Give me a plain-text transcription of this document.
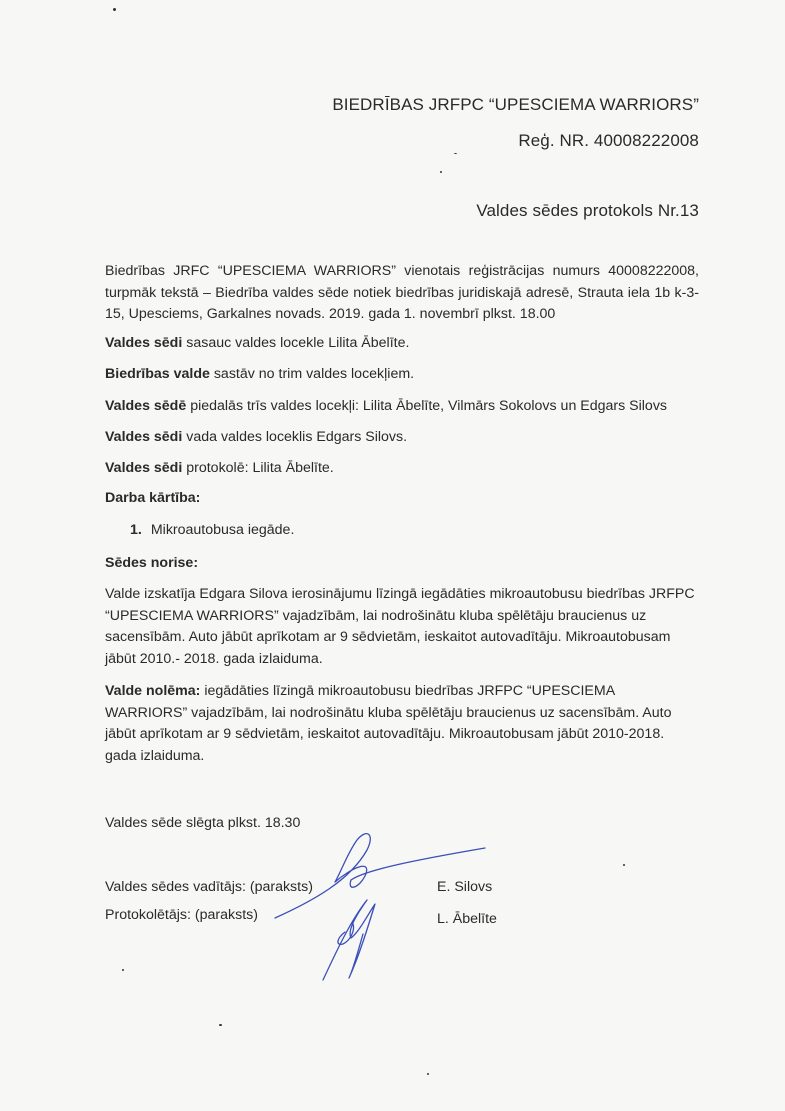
BIEDRĪBAS JRFPC “UPESCIEMA WARRIORS”
Reģ. NR. 40008222008
Valdes sēdes protokols Nr.13

Biedrības JRFC “UPESCIEMA WARRIORS” vienotais reģistrācijas numurs 40008222008, turpmāk tekstā – Biedrība valdes sēde notiek biedrības juridiskajā adresē, Strauta iela 1b k-3-15, Upesciems, Garkalnes novads. 2019. gada 1. novembrī plkst. 18.00

Valdes sēdi sasauc valdes locekle Lilita Ābelīte.
Biedrības valde sastāv no trim valdes locekļiem.
Valdes sēdē piedalās trīs valdes locekļi: Lilita Ābelīte, Vilmārs Sokolovs un Edgars Silovs
Valdes sēdi vada valdes loceklis Edgars Silovs.
Valdes sēdi protokolē: Lilita Ābelīte.
Darba kārtība:
1. Mikroautobusa iegāde.
Sēdes norise:

Valde izskatīja Edgara Silova ierosinājumu līzingā iegādāties mikroautobusu biedrības JRFPC “UPESCIEMA WARRIORS” vajadzībām, lai nodrošinātu kluba spēlētāju braucienus uz sacensībām. Auto jābūt aprīkotam ar 9 sēdvietām, ieskaitot autovadītāju. Mikroautobusam jābūt 2010.- 2018. gada izlaiduma.

Valde nolēma: iegādāties līzingā mikroautobusu biedrības JRFPC “UPESCIEMA WARRIORS” vajadzībām, lai nodrošinātu kluba spēlētāju braucienus uz sacensībām. Auto jābūt aprīkotam ar 9 sēdvietām, ieskaitot autovadītāju. Mikroautobusam jābūt 2010-2018. gada izlaiduma.

Valdes sēde slēgta plkst. 18.30
Valdes sēdes vadītājs: (paraksts)	E. Silovs
Protokolētājs: (paraksts)	L. Ābelīte
